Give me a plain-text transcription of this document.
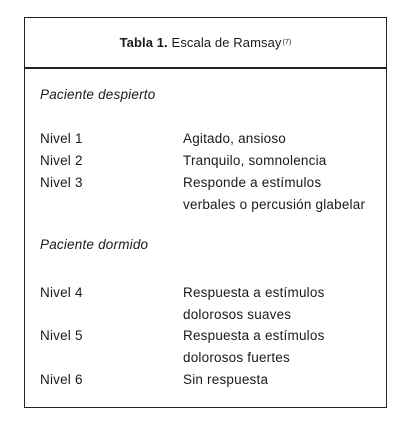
Tabla 1. Escala de Ramsay (7)
Paciente despierto
Nivel 1	Agitado, ansioso
Nivel 2	Tranquilo, somnolencia
Nivel 3	Responde a estímulos
verbales o percusión glabelar
Paciente dormido
Nivel 4	Respuesta a estímulos
dolorosos suaves
Nivel 5	Respuesta a estímulos
dolorosos fuertes
Nivel 6	Sin respuesta
